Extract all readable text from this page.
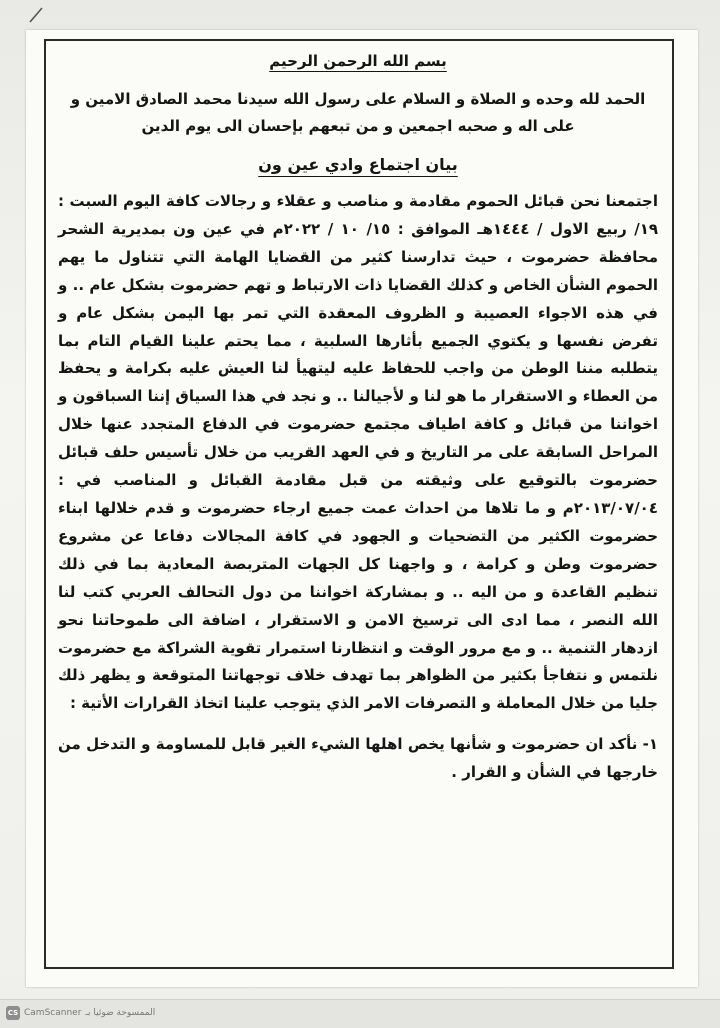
بسم الله الرحمن الرحيم

الحمد لله وحده و الصلاة و السلام على رسول الله سيدنا محمد الصادق الامين و على اله و صحبه اجمعين و من تبعهم بإحسان الى يوم الدين

بيان اجتماع وادي عين ون

اجتمعنا نحن قبائل الحموم مقادمة و مناصب و عقلاء و رجالات كافة اليوم السبت : ١٩/ ربيع الاول / ١٤٤٤هـ الموافق : ١٥/ ١٠ / ٢٠٢٢م في عين ون بمديرية الشحر محافظة حضرموت ، حيث تدارسنا كثير من القضايا الهامة التي تتناول ما يهم الحموم الشأن الخاص و كذلك القضايا ذات الارتباط و تهم حضرموت بشكل عام .. و في هذه الاجواء العصيبة و الظروف المعقدة التي تمر بها اليمن بشكل عام و تفرض نفسها و يكتوي الجميع بأثارها السلبية ، مما يحتم علينا القيام التام بما يتطلبه مننا الوطن من واجب للحفاظ عليه ليتهيأ لنا العيش عليه بكرامة و يحفظ من العطاء و الاستقرار ما هو لنا و لأجيالنا .. و نجد في هذا السياق إننا السباقون و اخواننا من قبائل و كافة اطياف مجتمع حضرموت في الدفاع المتجدد عنها خلال المراحل السابقة على مر التاريخ و في العهد القريب من خلال تأسيس حلف قبائل حضرموت بالتوقيع على وثيقته من قبل مقادمة القبائل و المناصب في : ٢٠١٣/٠٧/٠٤م و ما تلاها من احداث عمت جميع ارجاء حضرموت و قدم خلالها ابناء حضرموت الكثير من التضحيات و الجهود في كافة المجالات دفاعا عن مشروع حضرموت وطن و كرامة ، و واجهنا كل الجهات المتربصة المعادية بما في ذلك تنظيم القاعدة و من اليه .. و بمشاركة اخواننا من دول التحالف العربي كتب لنا الله النصر ، مما ادى الى ترسيخ الامن و الاستقرار ، اضافة الى طموحاتنا نحو ازدهار التنمية .. و مع مرور الوقت و انتظارنا استمرار تقوية الشراكة مع حضرموت نلتمس و نتفاجأ بكثير من الظواهر بما تهدف خلاف توجهاتنا المتوقعة و يظهر ذلك جليا من خلال المعاملة و التصرفات الامر الذي يتوجب علينا اتخاذ القرارات الأتية :

١- نأكد ان حضرموت و شأنها يخص اهلها الشيء الغير قابل للمساومة و التدخل من خارجها في الشأن و القرار .

CS CamScanner الممسوحة ضوئيا بـ
